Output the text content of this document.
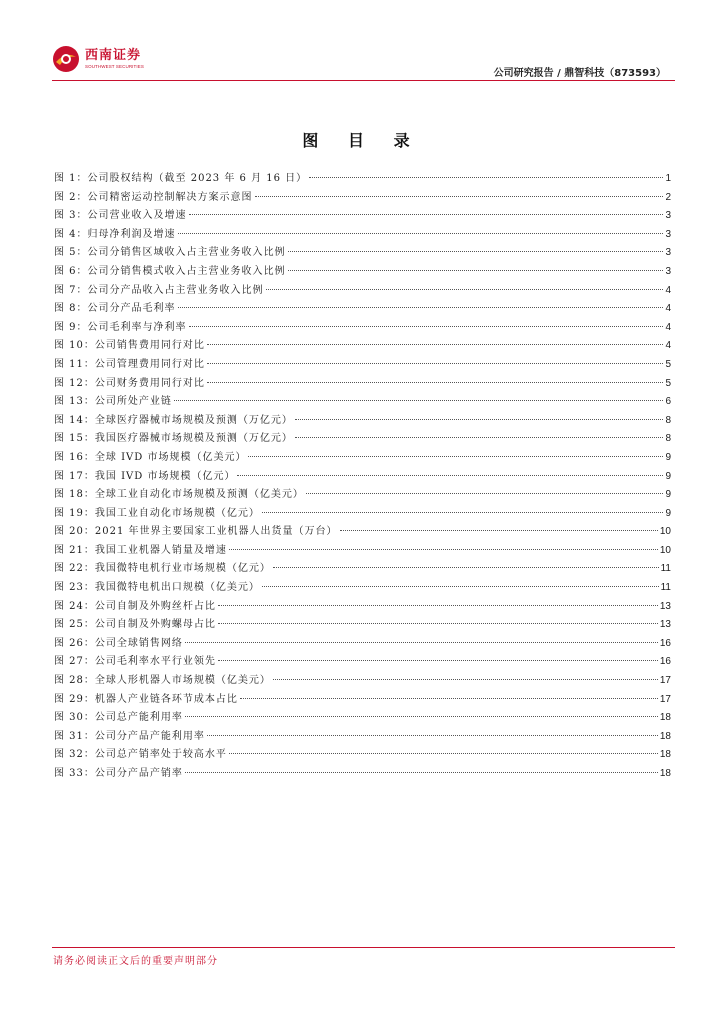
西南证券
SOUTHWEST SECURITIES
公司研究报告 / 鼎智科技（873593）
图 目 录
图 1：公司股权结构（截至 2023 年 6 月 16 日）	1
图 2：公司精密运动控制解决方案示意图	2
图 3：公司营业收入及增速	3
图 4：归母净利润及增速	3
图 5：公司分销售区域收入占主营业务收入比例	3
图 6：公司分销售模式收入占主营业务收入比例	3
图 7：公司分产品收入占主营业务收入比例	4
图 8：公司分产品毛利率	4
图 9：公司毛利率与净利率	4
图 10：公司销售费用同行对比	4
图 11：公司管理费用同行对比	5
图 12：公司财务费用同行对比	5
图 13：公司所处产业链	6
图 14：全球医疗器械市场规模及预测（万亿元）	8
图 15：我国医疗器械市场规模及预测（万亿元）	8
图 16：全球 IVD 市场规模（亿美元）	9
图 17：我国 IVD 市场规模（亿元）	9
图 18：全球工业自动化市场规模及预测（亿美元）	9
图 19：我国工业自动化市场规模（亿元）	9
图 20：2021 年世界主要国家工业机器人出货量（万台）	10
图 21：我国工业机器人销量及增速	10
图 22：我国微特电机行业市场规模（亿元）	11
图 23：我国微特电机出口规模（亿美元）	11
图 24：公司自制及外购丝杆占比	13
图 25：公司自制及外购螺母占比	13
图 26：公司全球销售网络	16
图 27：公司毛利率水平行业领先	16
图 28：全球人形机器人市场规模（亿美元）	17
图 29：机器人产业链各环节成本占比	17
图 30：公司总产能利用率	18
图 31：公司分产品产能利用率	18
图 32：公司总产销率处于较高水平	18
图 33：公司分产品产销率	18
请务必阅读正文后的重要声明部分
